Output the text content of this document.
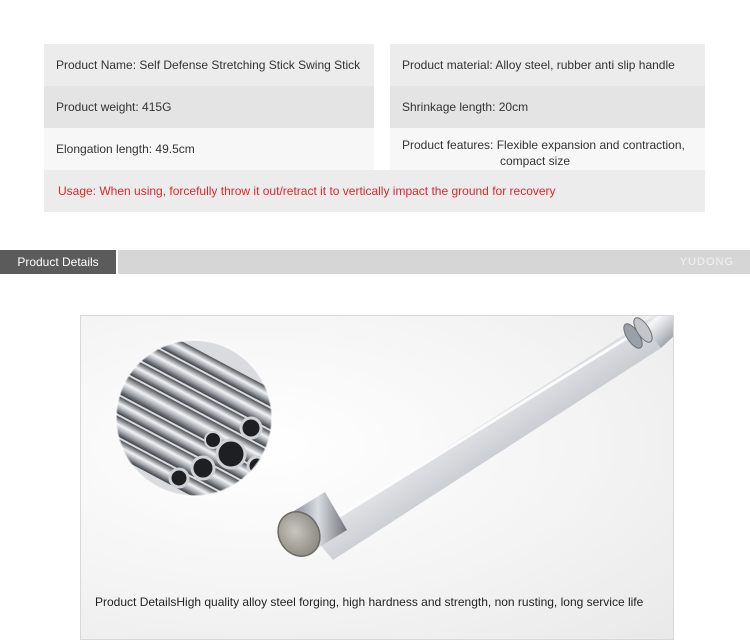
Product Name: Self Defense Stretching Stick Swing Stick	Product material: Alloy steel, rubber anti slip handle
Product weight: 415G	Shrinkage length: 20cm
Elongation length: 49.5cm	Product features: Flexible expansion and contraction,
compact size
Usage: When using, forcefully throw it out/retract it to vertically impact the ground for recovery
Product Details	YUDONG
Product DetailsHigh quality alloy steel forging, high hardness and strength, non rusting, long service life
